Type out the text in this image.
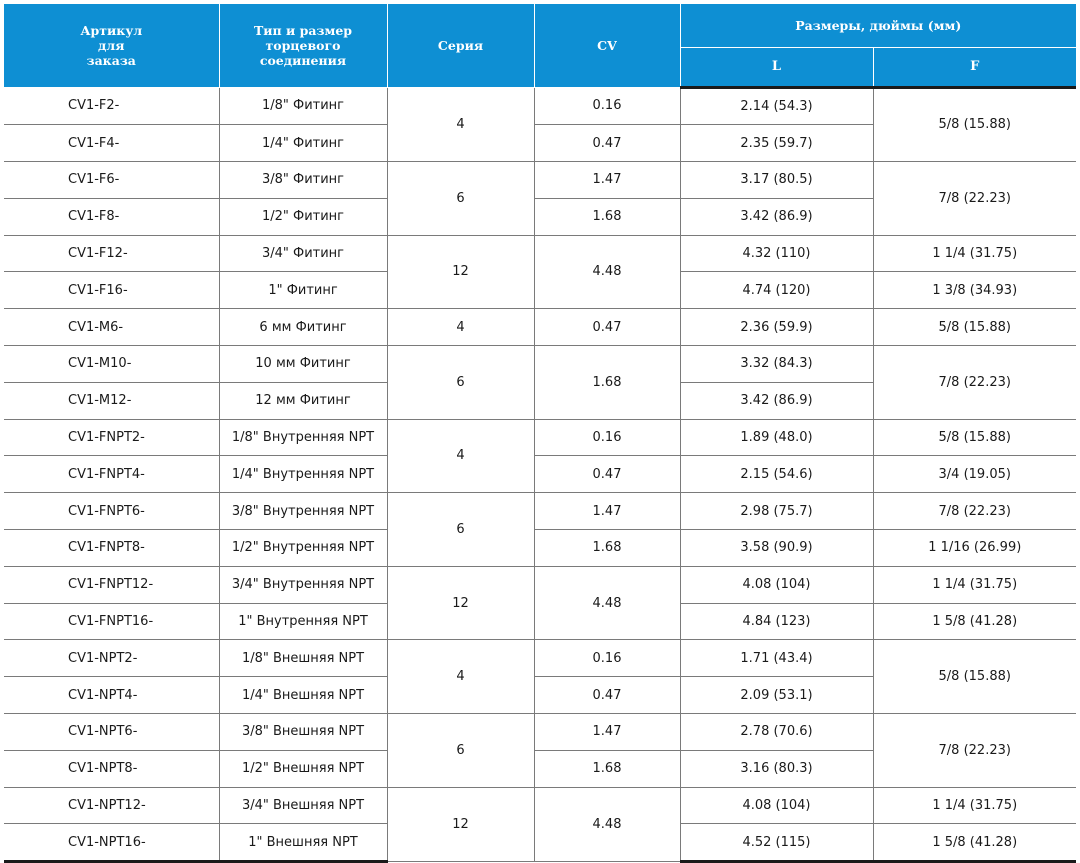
Артикул
для
заказа	Тип и размер
торцевого соединения	Серия	CV	Размеры, дюймы (мм)	
				L	F
CV1-F2-	1/8" Фитинг	4	0.16	2.14 (54.3)	5/8 (15.88)
CV1-F4-	1/4" Фитинг		0.47	2.35 (59.7)	
CV1-F6-	3/8" Фитинг	6	1.47	3.17 (80.5)	7/8 (22.23)
CV1-F8-	1/2" Фитинг		1.68	3.42 (86.9)	
CV1-F12-	3/4" Фитинг	12	4.48	4.32 (110)	1 1/4 (31.75)
CV1-F16-	1" Фитинг			4.74 (120)	1 3/8 (34.93)
CV1-M6-	6 мм Фитинг	4	0.47	2.36 (59.9)	5/8 (15.88)
CV1-M10-	10 мм Фитинг	6	1.68	3.32 (84.3)	7/8 (22.23)
CV1-M12-	12 мм Фитинг			3.42 (86.9)	
CV1-FNPT2-	1/8" Внутренняя NPT	4	0.16	1.89 (48.0)	5/8 (15.88)
CV1-FNPT4-	1/4" Внутренняя NPT		0.47	2.15 (54.6)	3/4 (19.05)
CV1-FNPT6-	3/8" Внутренняя NPT	6	1.47	2.98 (75.7)	7/8 (22.23)
CV1-FNPT8-	1/2" Внутренняя NPT		1.68	3.58 (90.9)	1 1/16 (26.99)
CV1-FNPT12-	3/4" Внутренняя NPT	12	4.48	4.08 (104)	1 1/4 (31.75)
CV1-FNPT16-	1" Внутренняя NPT			4.84 (123)	1 5/8 (41.28)
CV1-NPT2-	1/8" Внешняя NPT	4	0.16	1.71 (43.4)	5/8 (15.88)
CV1-NPT4-	1/4" Внешняя NPT		0.47	2.09 (53.1)	
CV1-NPT6-	3/8" Внешняя NPT	6	1.47	2.78 (70.6)	7/8 (22.23)
CV1-NPT8-	1/2" Внешняя NPT		1.68	3.16 (80.3)	
CV1-NPT12-	3/4" Внешняя NPT	12	4.48	4.08 (104)	1 1/4 (31.75)
CV1-NPT16-	1" Внешняя NPT			4.52 (115)	1 5/8 (41.28)
